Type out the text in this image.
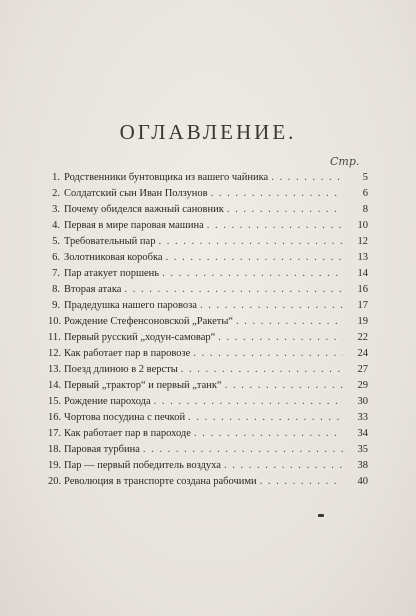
ОГЛАВЛЕНИЕ.
Стр.
1. Родственники бунтовщика из вашего чайника . . .	5
2. Солдатский сын Иван Ползунов . . .	6
3. Почему обиделся важный сановник . . .	8
4. Первая в мире паровая машина . . .	10
5. Требовательный пар . . .	12
6. Золотниковая коробка . . .	13
7. Пар атакует поршень . . .	14
8. Вторая атака . . .	16
9. Прадедушка нашего паровоза . . .	17
10. Рождение Стефенсоновской „Ракеты“ . . .	19
11. Первый русский „ходун-самовар“ . . .	22
12. Как работает пар в паровозе . . .	24
13. Поезд длиною в 2 версты . . .	27
14. Первый „трактор“ и первый „танк“ . . .	29
15. Рождение парохода . . .	30
16. Чортова посудина с печкой . . .	33
17. Как работает пар в пароходе . . .	34
18. Паровая турбина . . .	35
19. Пар — первый победитель воздуха . . .	38
20. Революция в транспорте создана рабочими . . .	40
